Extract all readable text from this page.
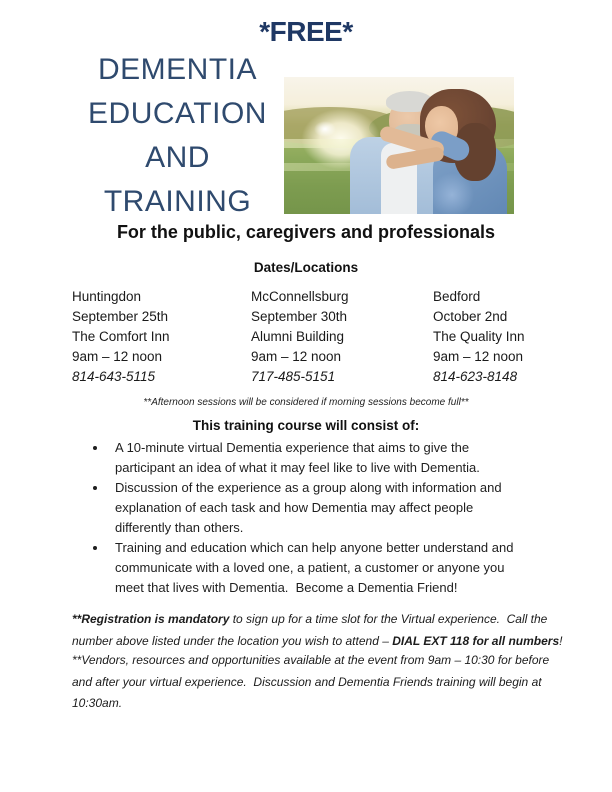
*FREE*
DEMENTIA
EDUCATION
AND
TRAINING
For the public, caregivers and professionals
Dates/Locations
Huntingdon
September 25th
The Comfort Inn
9am – 12 noon
814-643-5115
McConnellsburg
September 30th
Alumni Building
9am – 12 noon
717-485-5151
Bedford
October 2nd
The Quality Inn
9am – 12 noon
814-623-8148
**Afternoon sessions will be considered if morning sessions become full**
This training course will consist of:
• A 10-minute virtual Dementia experience that aims to give the participant an idea of what it may feel like to live with Dementia.
• Discussion of the experience as a group along with information and explanation of each task and how Dementia may affect people differently than others.
• Training and education which can help anyone better understand and communicate with a loved one, a patient, a customer or anyone you meet that lives with Dementia.  Become a Dementia Friend!

**Registration is mandatory to sign up for a time slot for the Virtual experience.  Call the number above listed under the location you wish to attend – DIAL EXT 118 for all numbers!

**Vendors, resources and opportunities available at the event from 9am – 10:30 for before and after your virtual experience.  Discussion and Dementia Friends training will begin at 10:30am.
